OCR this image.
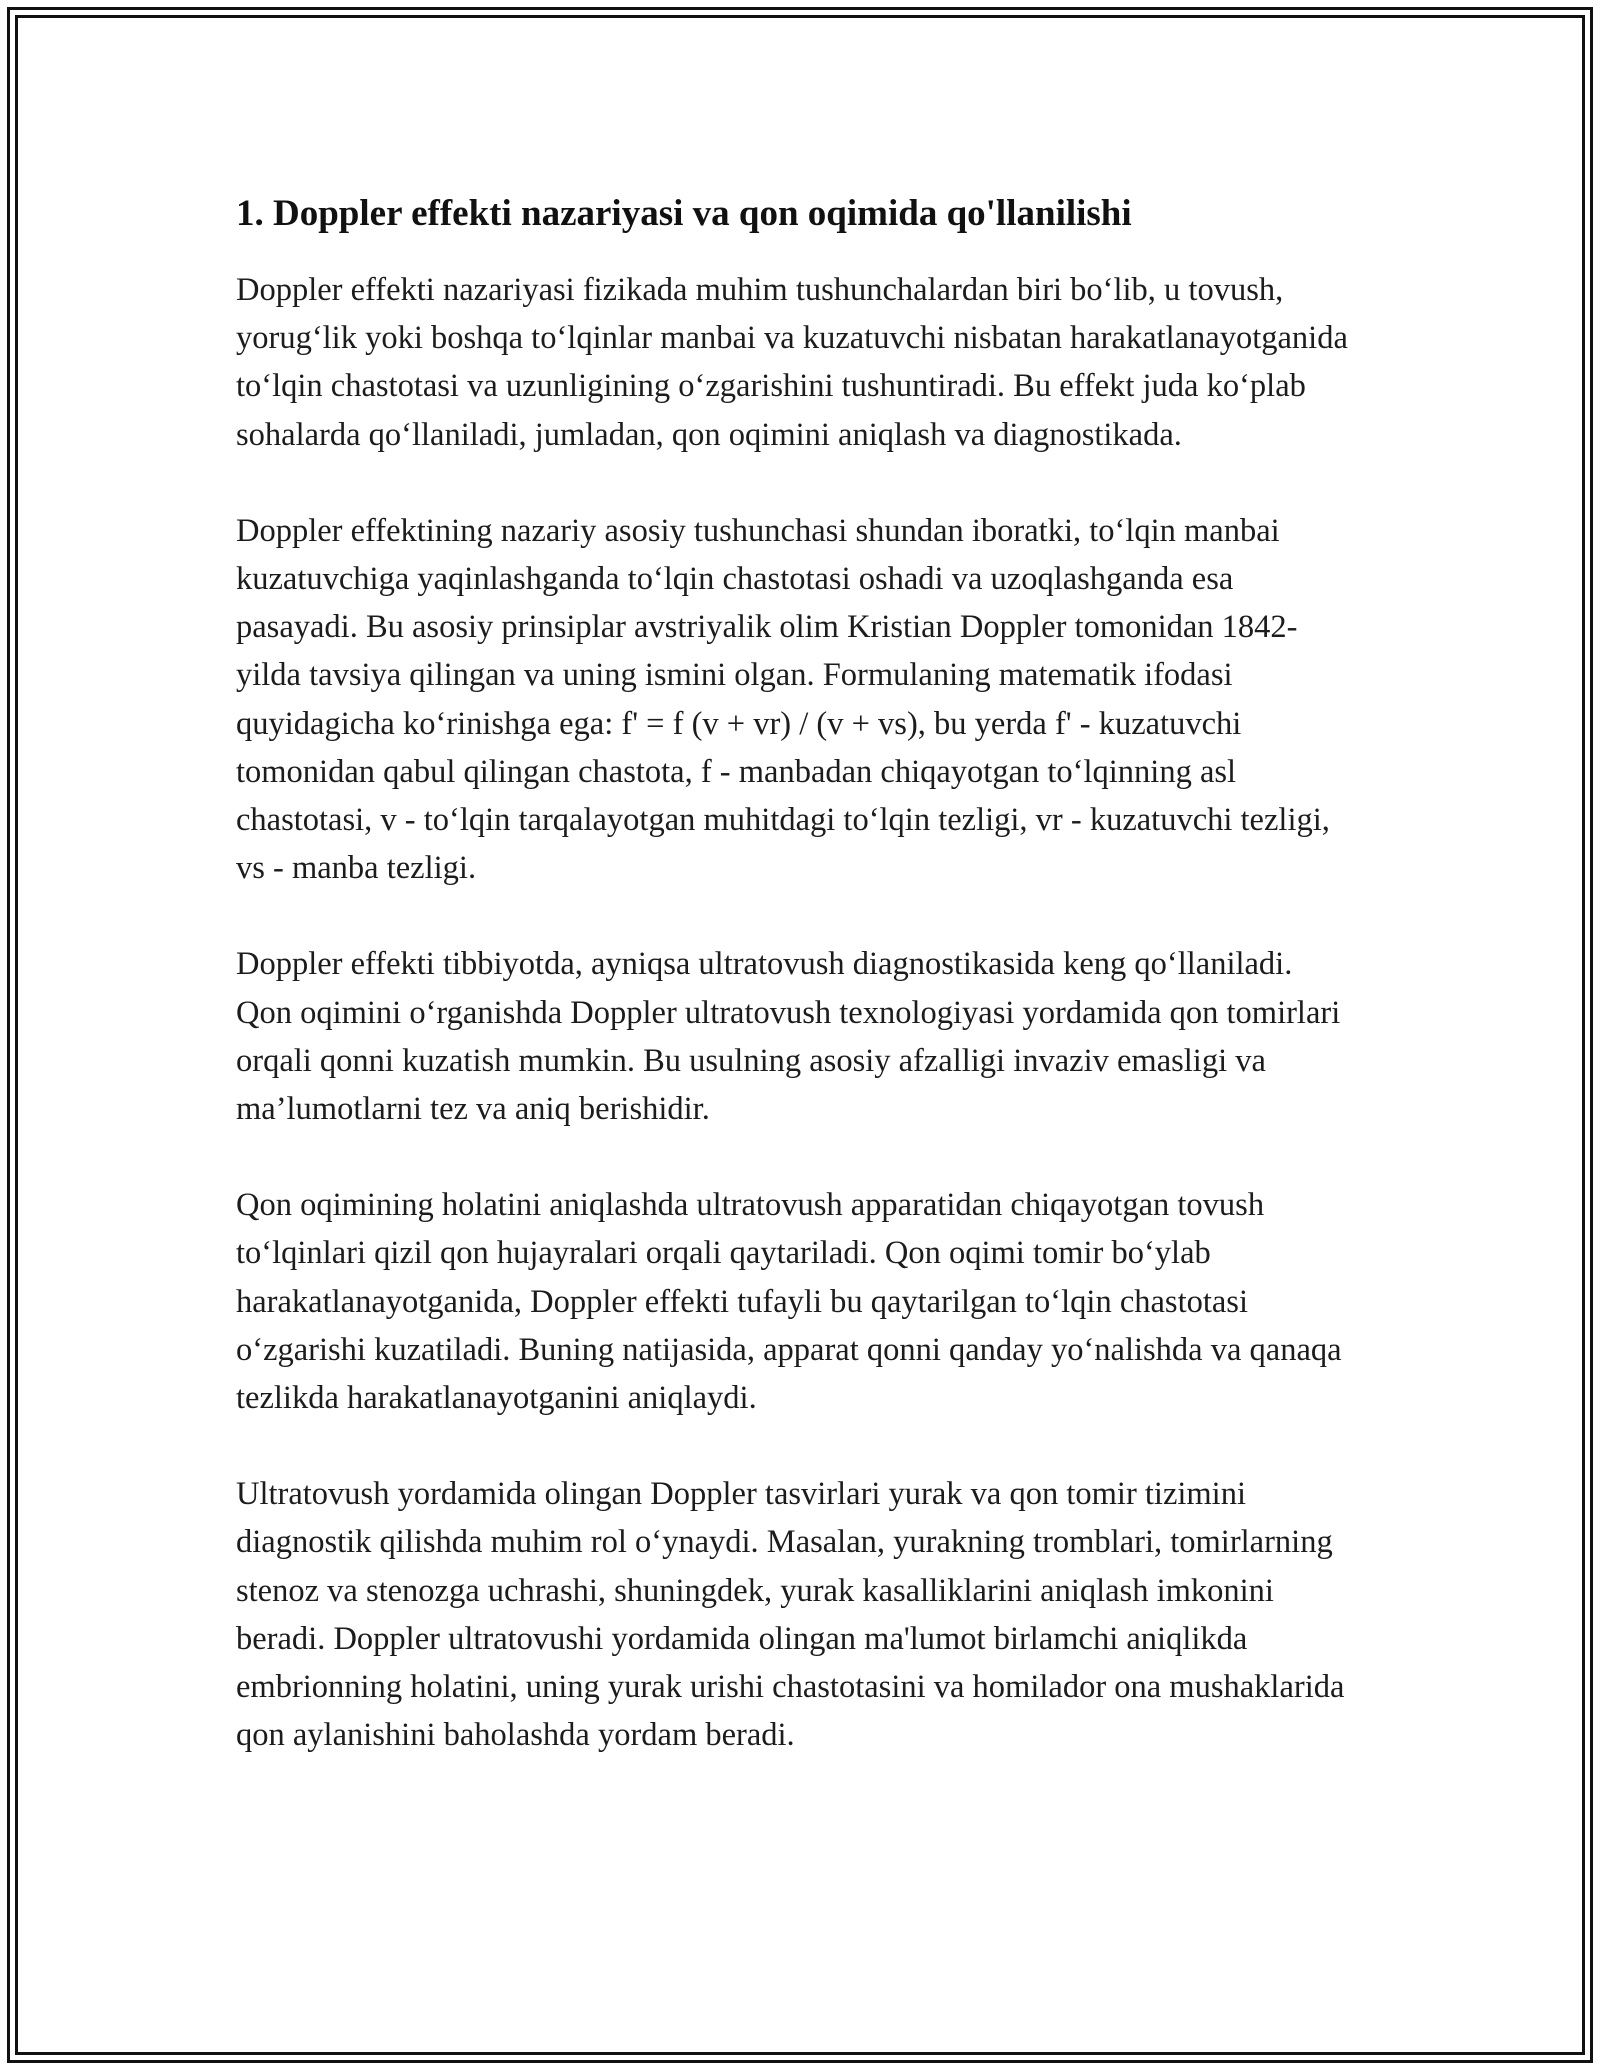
1. Doppler effekti nazariyasi va qon oqimida qo'llanilishi

Doppler effekti nazariyasi fizikada muhim tushunchalardan biri bo‘lib, u tovush, yorug‘lik yoki boshqa to‘lqinlar manbai va kuzatuvchi nisbatan harakatlanayotganida to‘lqin chastotasi va uzunligining o‘zgarishini tushuntiradi. Bu effekt juda ko‘plab sohalarda qo‘llaniladi, jumladan, qon oqimini aniqlash va diagnostikada.

Doppler effektining nazariy asosiy tushunchasi shundan iboratki, to‘lqin manbai kuzatuvchiga yaqinlashganda to‘lqin chastotasi oshadi va uzoqlashganda esa pasayadi. Bu asosiy prinsiplar avstriyalik olim Kristian Doppler tomonidan 1842-yilda tavsiya qilingan va uning ismini olgan. Formulaning matematik ifodasi quyidagicha ko‘rinishga ega: f' = f (v + vr) / (v + vs), bu yerda f' - kuzatuvchi tomonidan qabul qilingan chastota, f - manbadan chiqayotgan to‘lqinning asl chastotasi, v - to‘lqin tarqalayotgan muhitdagi to‘lqin tezligi, vr - kuzatuvchi tezligi, vs - manba tezligi.

Doppler effekti tibbiyotda, ayniqsa ultratovush diagnostikasida keng qo‘llaniladi. Qon oqimini o‘rganishda Doppler ultratovush texnologiyasi yordamida qon tomirlari orqali qonni kuzatish mumkin. Bu usulning asosiy afzalligi invaziv emasligi va ma’lumotlarni tez va aniq berishidir.

Qon oqimining holatini aniqlashda ultratovush apparatidan chiqayotgan tovush to‘lqinlari qizil qon hujayralari orqali qaytariladi. Qon oqimi tomir bo‘ylab harakatlanayotganida, Doppler effekti tufayli bu qaytarilgan to‘lqin chastotasi o‘zgarishi kuzatiladi. Buning natijasida, apparat qonni qanday yo‘nalishda va qanaqa tezlikda harakatlanayotganini aniqlaydi.

Ultratovush yordamida olingan Doppler tasvirlari yurak va qon tomir tizimini diagnostik qilishda muhim rol o‘ynaydi. Masalan, yurakning tromblari, tomirlarning stenoz va stenozga uchrashi, shuningdek, yurak kasalliklarini aniqlash imkonini beradi. Doppler ultratovushi yordamida olingan ma'lumot birlamchi aniqlikda embrionning holatini, uning yurak urishi chastotasini va homilador ona mushaklarida qon aylanishini baholashda yordam beradi.
